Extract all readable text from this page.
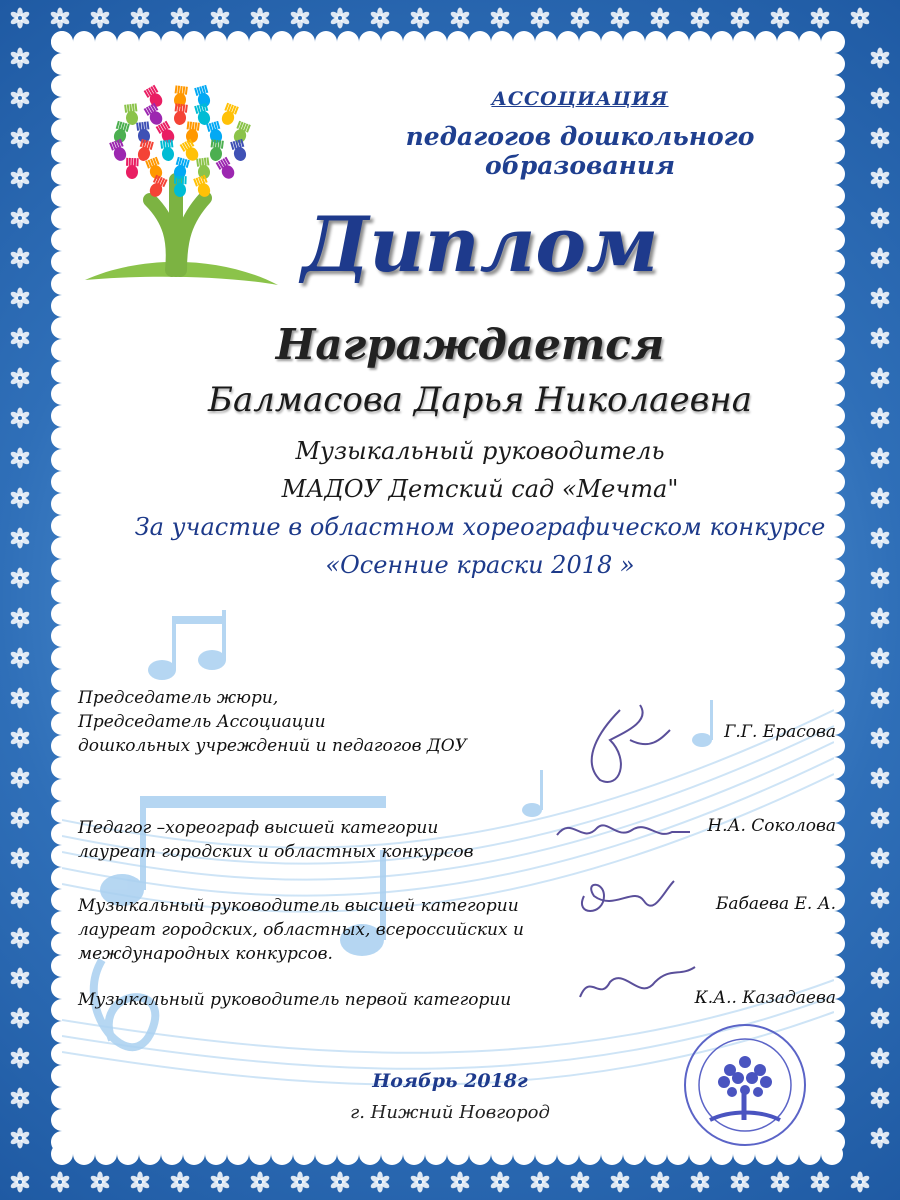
АССОЦИАЦИЯ
педагогов дошкольного образования
Диплом
Награждается
Балмасова Дарья Николаевна
Музыкальный руководитель
МАДОУ Детский сад «Мечта"
За участие в областном хореографическом конкурсе
«Осенние краски 2018 »
Председатель жюри,
Председатель Ассоциации
дошкольных учреждений и педагогов ДОУ
Г.Г. Ерасова
Педагог –хореограф высшей категории
лауреат городских и областных конкурсов
Н.А. Соколова
Музыкальный руководитель высшей категории
лауреат городских, областных, всероссийских и
международных конкурсов.
Бабаева Е. А.
Музыкальный руководитель первой категории	К.А.. Казадаева
Ноябрь 2018г
г. Нижний Новгород
